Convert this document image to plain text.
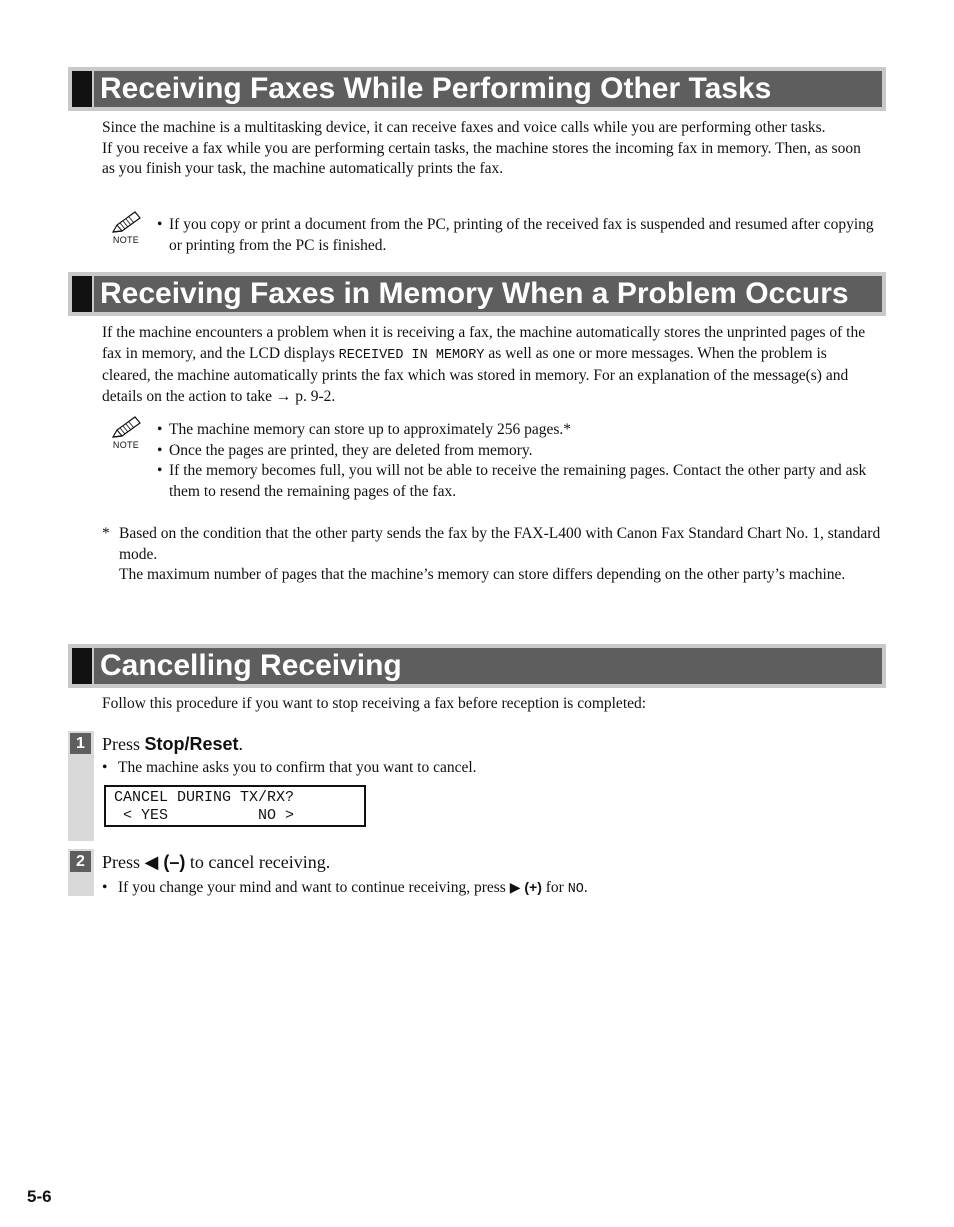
Receiving Faxes While Performing Other Tasks

Since the machine is a multitasking device, it can receive faxes and voice calls while you are performing other tasks.

If you receive a fax while you are performing certain tasks, the machine stores the incoming fax in memory. Then, as soon as you finish your task, the machine automatically prints the fax.

NOTE
• If you copy or print a document from the PC, printing of the received fax is suspended and resumed after copying or printing from the PC is finished.
Receiving Faxes in Memory When a Problem Occurs

If the machine encounters a problem when it is receiving a fax, the machine automatically stores the unprinted pages of the fax in memory, and the LCD displays RECEIVED IN MEMORY as well as one or more messages. When the problem is cleared, the machine automatically prints the fax which was stored in memory. For an explanation of the message(s) and details on the action to take → p. 9-2.

NOTE
• The machine memory can store up to approximately 256 pages.*
• Once the pages are printed, they are deleted from memory.
• If the memory becomes full, you will not be able to receive the remaining pages. Contact the other party and ask them to resend the remaining pages of the fax.
* Based on the condition that the other party sends the fax by the FAX-L400 with Canon Fax Standard Chart No. 1, standard mode.
The maximum number of pages that the machine’s memory can store differs depending on the other party’s machine.
Cancelling Receiving

Follow this procedure if you want to stop receiving a fax before reception is completed:

1 Press Stop/Reset.
• The machine asks you to confirm that you want to cancel.
CANCEL DURING TX/RX?
< YES          NO >
2 Press ◀ (–) to cancel receiving.
• If you change your mind and want to continue receiving, press ▶ (+) for NO.
5-6
